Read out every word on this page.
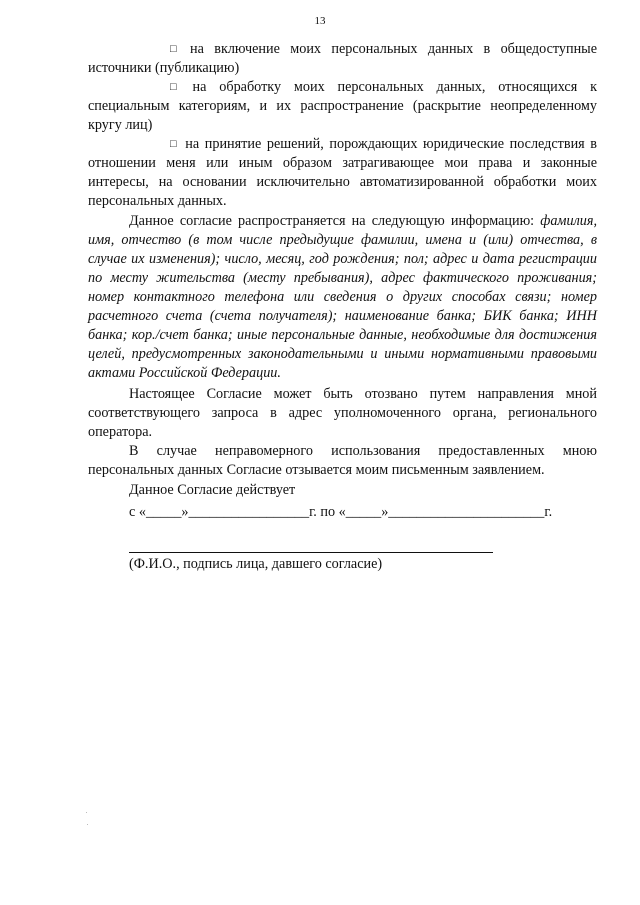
13

□ на включение моих персональных данных в общедоступные источники (публикацию)

□ на обработку моих персональных данных, относящихся к специальным категориям, и их распространение (раскрытие неопределенному кругу лиц)

□ на принятие решений, порождающих юридические последствия в отношении меня или иным образом затрагивающее мои права и законные интересы, на основании исключительно автоматизированной обработки моих персональных данных.

Данное согласие распространяется на следующую информацию: фамилия, имя, отчество (в том числе предыдущие фамилии, имена и (или) отчества, в случае их изменения); число, месяц, год рождения; пол; адрес и дата регистрации по месту жительства (месту пребывания), адрес фактического проживания; номер контактного телефона или сведения о других способах связи; номер расчетного счета (счета получателя); наименование банка; БИК банка; ИНН банка; кор./счет банка; иные персональные данные, необходимые для достижения целей, предусмотренных законодательными и иными нормативными правовыми актами Российской Федерации.

Настоящее Согласие может быть отозвано путем направления мной соответствующего запроса в адрес уполномоченного органа, регионального оператора.

В случае неправомерного использования предоставленных мною персональных данных Согласие отзывается моим письменным заявлением.

Данное Согласие действует
с «_____»_________________г. по «_____»______________________г.
(Ф.И.О., подпись лица, давшего согласие)
